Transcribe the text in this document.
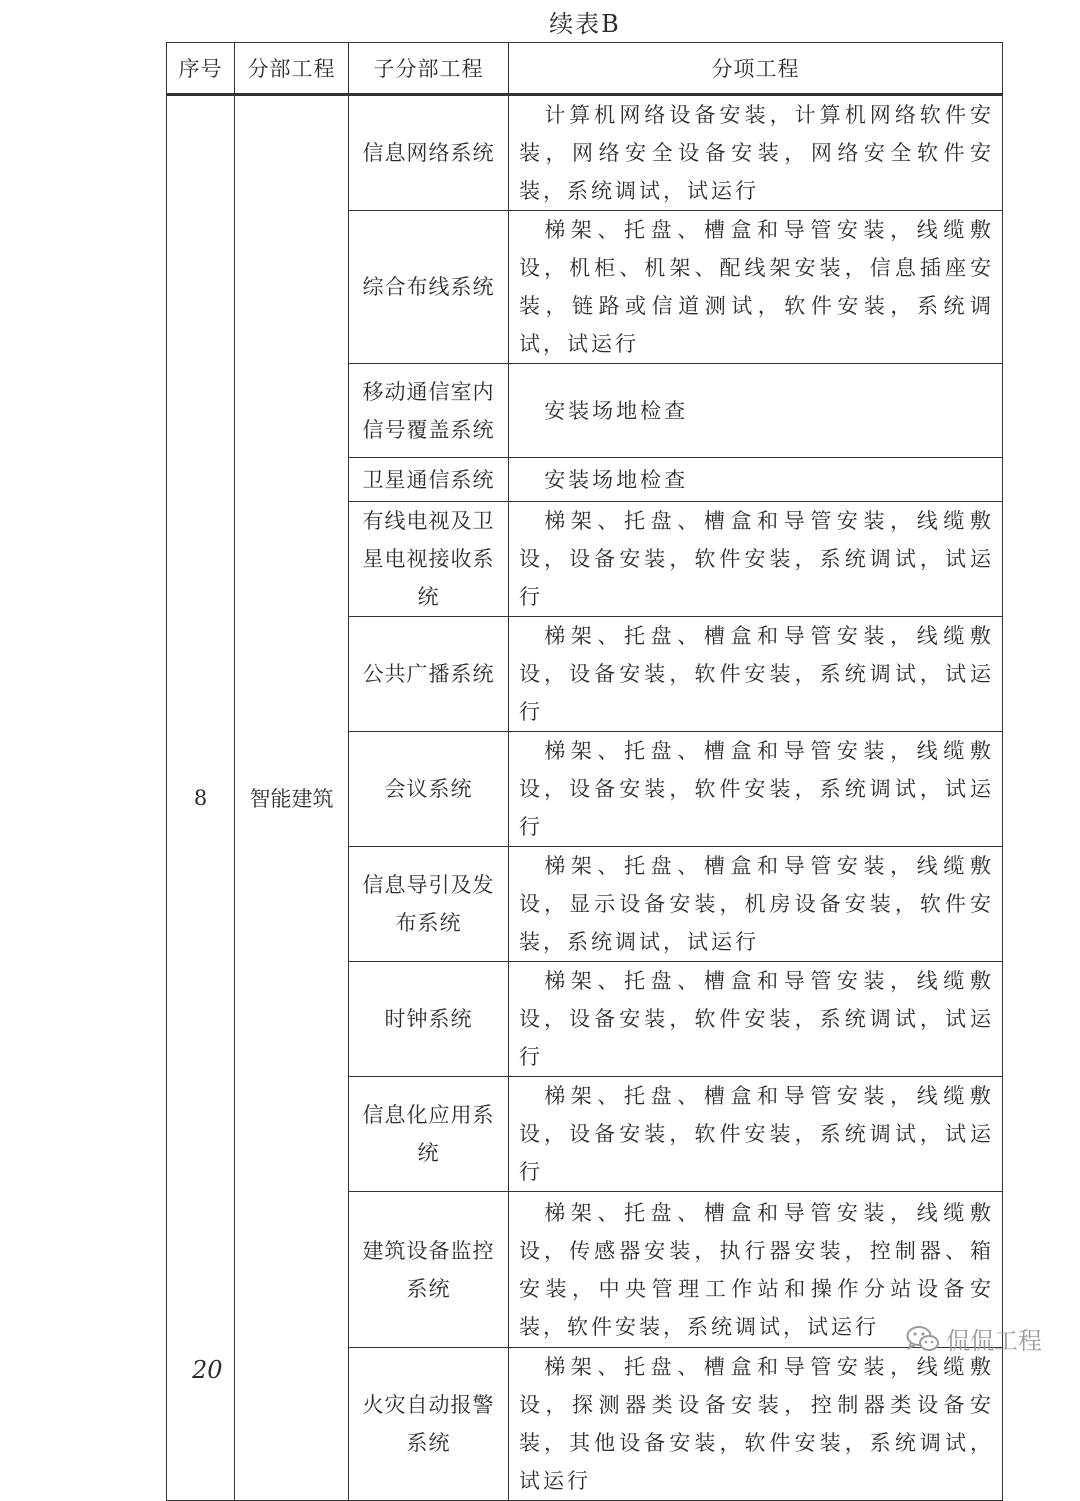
续表B
序号	分部工程	子分部工程	分项工程
8	智能建筑	信息网络系统	计算机网络设备安装，计算机网络软件安装，网络安全设备安装，网络安全软件安装，系统调试，试运行

		综合布线系统	梯架、托盘、槽盒和导管安装，线缆敷设，机柜、机架、配线架安装，信息插座安装，链路或信道测试，软件安装，系统调试，试运行

		移动通信室内信号覆盖系统	安装场地检查

		卫星通信系统	安装场地检查

		有线电视及卫星电视接收系统	梯架、托盘、槽盒和导管安装，线缆敷设，设备安装，软件安装，系统调试，试运行

		公共广播系统	梯架、托盘、槽盒和导管安装，线缆敷设，设备安装，软件安装，系统调试，试运行

		会议系统	梯架、托盘、槽盒和导管安装，线缆敷设，设备安装，软件安装，系统调试，试运行

		信息导引及发布系统	梯架、托盘、槽盒和导管安装，线缆敷设，显示设备安装，机房设备安装，软件安装，系统调试，试运行

		时钟系统	梯架、托盘、槽盒和导管安装，线缆敷设，设备安装，软件安装，系统调试，试运行

		信息化应用系统	梯架、托盘、槽盒和导管安装，线缆敷设，设备安装，软件安装，系统调试，试运行

		建筑设备监控系统	梯架、托盘、槽盒和导管安装，线缆敷设，传感器安装，执行器安装，控制器、箱安装，中央管理工作站和操作分站设备安装，软件安装，系统调试，试运行

		火灾自动报警系统	梯架、托盘、槽盒和导管安装，线缆敷设，探测器类设备安装，控制器类设备安装，其他设备安装，软件安装，系统调试，试运行
20
侃侃工程
